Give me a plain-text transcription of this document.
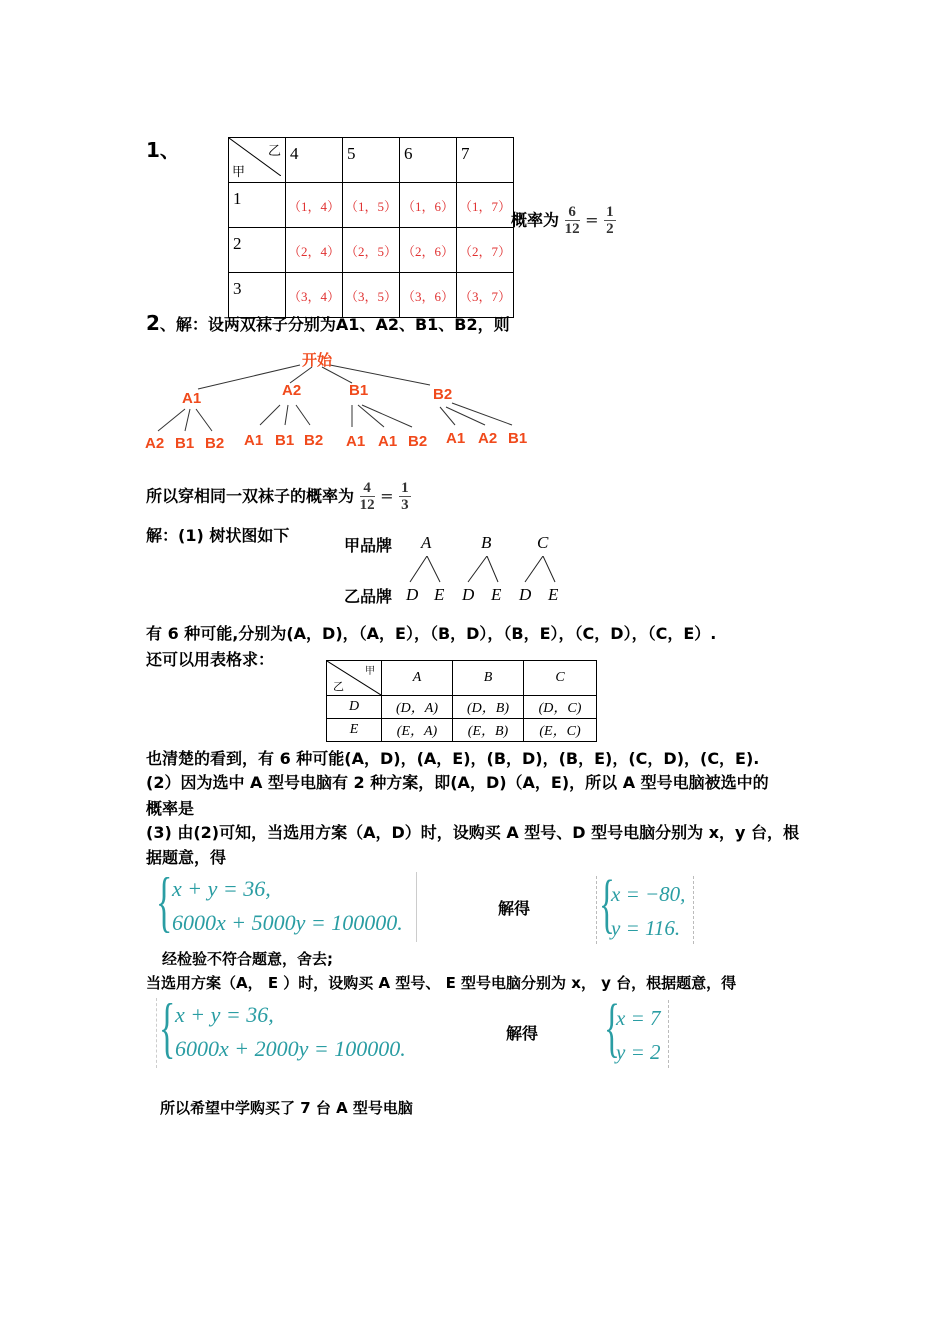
1、	乙
甲	4	5	6	7
1	（1，4）	（1，5）	（1，6）	（1，7）
2	（2，4）	（2，5）	（2，6）	（2，7）
3	（3，4）	（3，5）	（3，6）	（3，7）
概率为 $\frac{6}{12} = \frac{1}{2}$
2、解：设两双袜子分别为A1、A2、B1、B2，则
开始
A1	A2	B1	B2
A2 B1 B2 A1 B1 B2 A1 A1 B2 A1 A2 B1
所以穿相同一双袜子的概率为 $\frac{4}{12} = \frac{1}{3}$
解：(1) 树状图如下
甲品牌
乙品牌
A	B	C
D E D E D E
有 6 种可能,分别为(A，D)，（A，E），（B，D），（B，E），（C，D），（C，E）.
还可以用表格求：
甲
乙	A	B	C
D	(D，A)	(D，B)	(D，C)
E	(E，A)	(E，B)	(E，C)
也清楚的看到，有 6 种可能(A，D)，(A，E)，(B，D)，(B，E)，(C，D)，(C，E).
(2）因为选中 A 型号电脑有 2 种方案，即(A，D)（A，E)，所以 A 型号电脑被选中的
概率是
(3) 由(2)可知，当选用方案（A，D）时，设购买 A 型号、D 型号电脑分别为 x，y 台，根
据题意，得
{ x + y = 36,
6000x + 5000y = 100000.
解得 {
x = −80,
y = 116.
经检验不符合题意，舍去;
当选用方案（A， E ）时，设购买 A 型号、 E 型号电脑分别为 x， y 台，根据题意，得
{ x + y = 36,
6000x + 2000y = 100000.
解得 {
x = 7
y = 2
所以希望中学购买了 7 台 A 型号电脑
